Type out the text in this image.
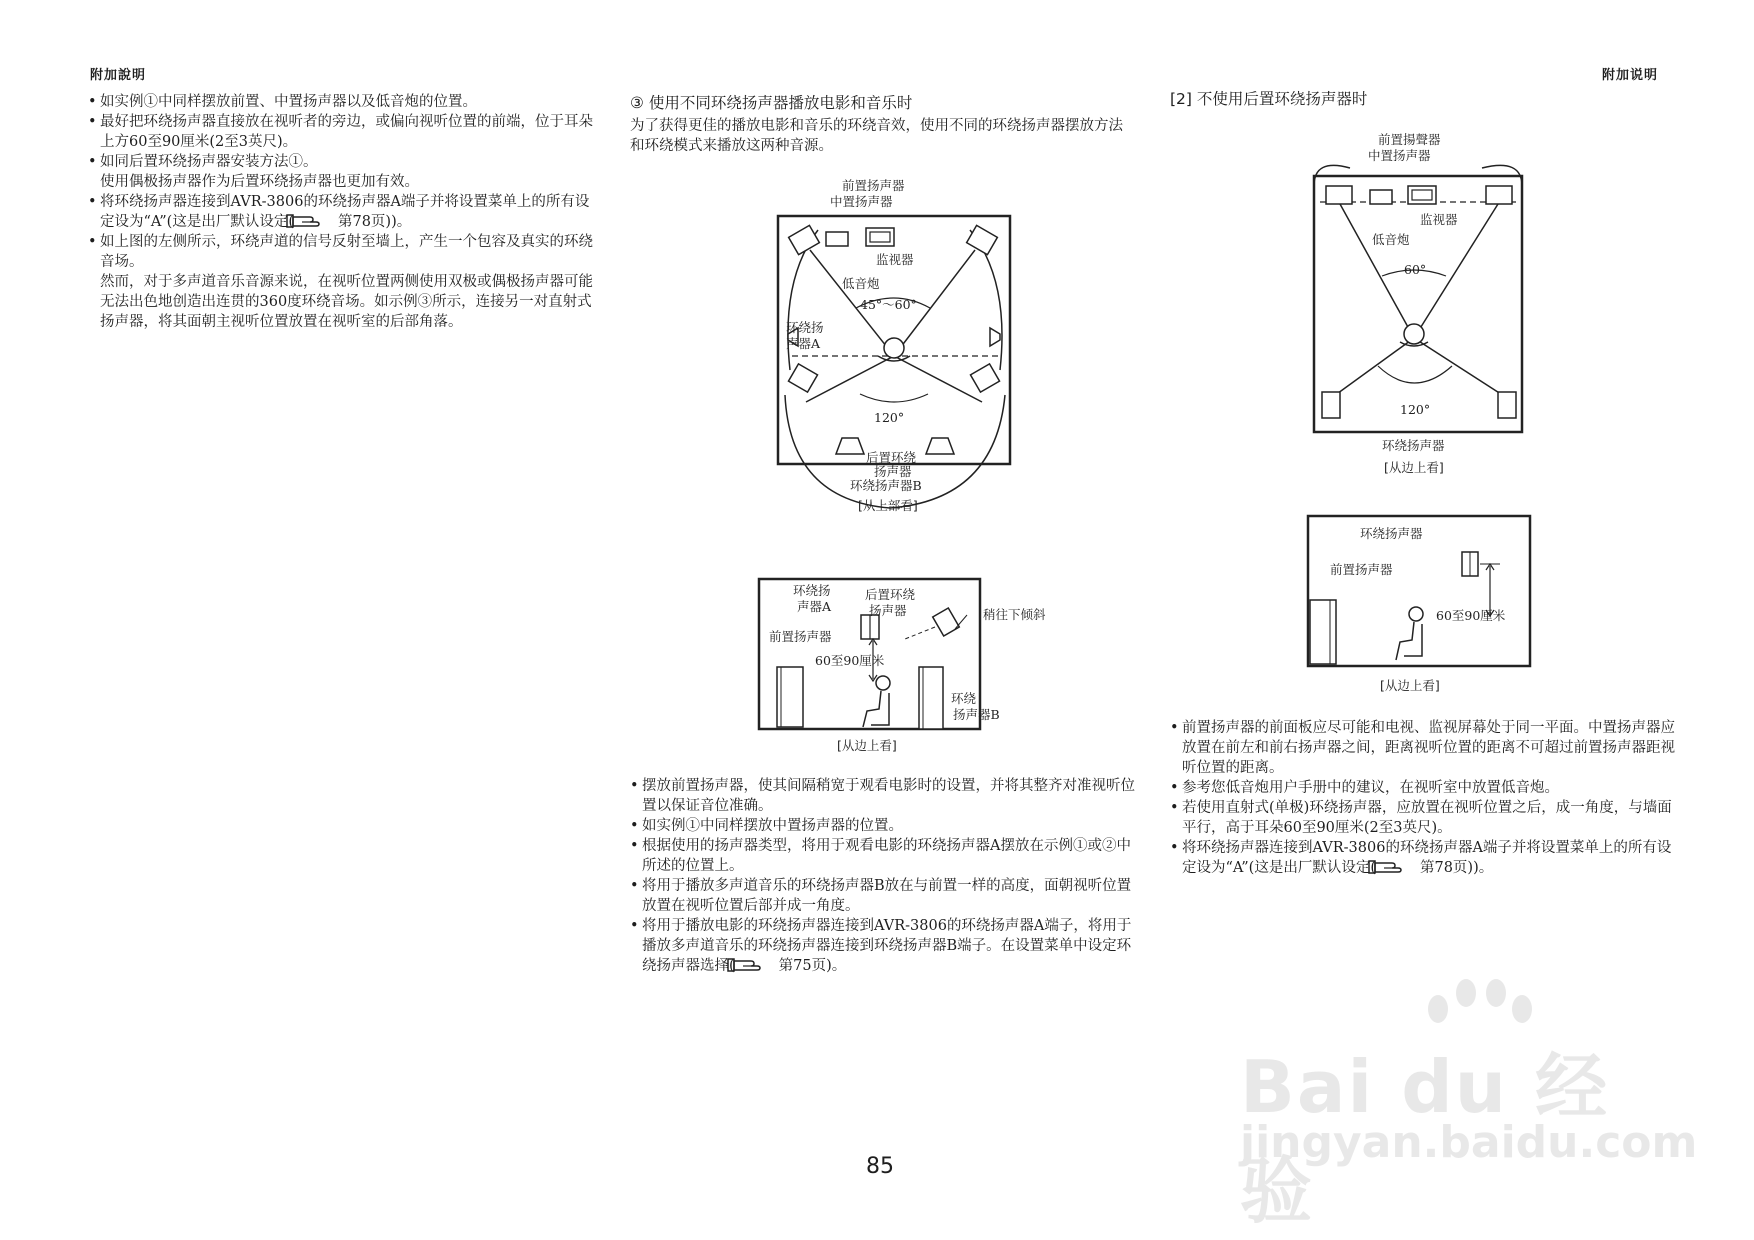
附加說明	附加说明
• 如实例①中同样摆放前置、中置扬声器以及低音炮的位置。
• 最好把环绕扬声器直接放在视听者的旁边，或偏向视听位置的前端，位于耳朵上方60至90厘米(2至3英尺)。
• 如同后置环绕扬声器安装方法①。
使用偶极扬声器作为后置环绕扬声器也更加有效。
• 将环绕扬声器连接到AVR-3806的环绕扬声器A端子并将设置菜单上的所有设定设为“A”(这是出厂默认设定(	第78页))。
• 如上图的左侧所示，环绕声道的信号反射至墙上，产生一个包容及真实的环绕音场。
然而，对于多声道音乐音源来说，在视听位置两侧使用双极或偶极扬声器可能无法出色地创造出连贯的360度环绕音场。如示例③所示，连接另一对直射式扬声器，将其面朝主视听位置放置在视听室的后部角落。
③ 使用不同环绕扬声器播放电影和音乐时
为了获得更佳的播放电影和音乐的环绕音效，使用不同的环绕扬声器摆放方法和环绕模式来播放这两种音源。
前置扬声器
中置扬声器
监视器
低音炮
45°～60°
环绕扬
声器A
120°
后置环绕
扬声器
环绕扬声器B
[从上部看]
环绕扬
声器A
后置环绕
扬声器	稍往下倾斜
前置扬声器
60至90厘米
环绕
扬声器B
[从边上看]
• 摆放前置扬声器，使其间隔稍宽于观看电影时的设置，并将其整齐对准视听位置以保证音位准确。
• 如实例①中同样摆放中置扬声器的位置。
• 根据使用的扬声器类型，将用于观看电影的环绕扬声器A摆放在示例①或②中所述的位置上。
• 将用于播放多声道音乐的环绕扬声器B放在与前置一样的高度，面朝视听位置放置在视听位置后部并成一角度。
• 将用于播放电影的环绕扬声器连接到AVR-3806的环绕扬声器A端子，将用于播放多声道音乐的环绕扬声器连接到环绕扬声器B端子。在设置菜单中设定环绕扬声器选择(	第75页)。
[2] 不使用后置环绕扬声器时
前置揚聲器
中置扬声器
监视器
低音炮
60°
120°
环绕扬声器
[从边上看]
环绕扬声器
前置扬声器
60至90厘米
[从边上看]
• 前置扬声器的前面板应尽可能和电视、监视屏幕处于同一平面。中置扬声器应放置在前左和前右扬声器之间，距离视听位置的距离不可超过前置扬声器距视听位置的距离。
• 参考您低音炮用户手册中的建议，在视听室中放置低音炮。
• 若使用直射式(单极)环绕扬声器，应放置在视听位置之后，成一角度，与墙面平行，高于耳朵60至90厘米(2至3英尺)。
• 将环绕扬声器连接到AVR-3806的环绕扬声器A端子并将设置菜单上的所有设定设为“A”(这是出厂默认设定(	第78页))。
85
Bai du 经验
jingyan.baidu.com
